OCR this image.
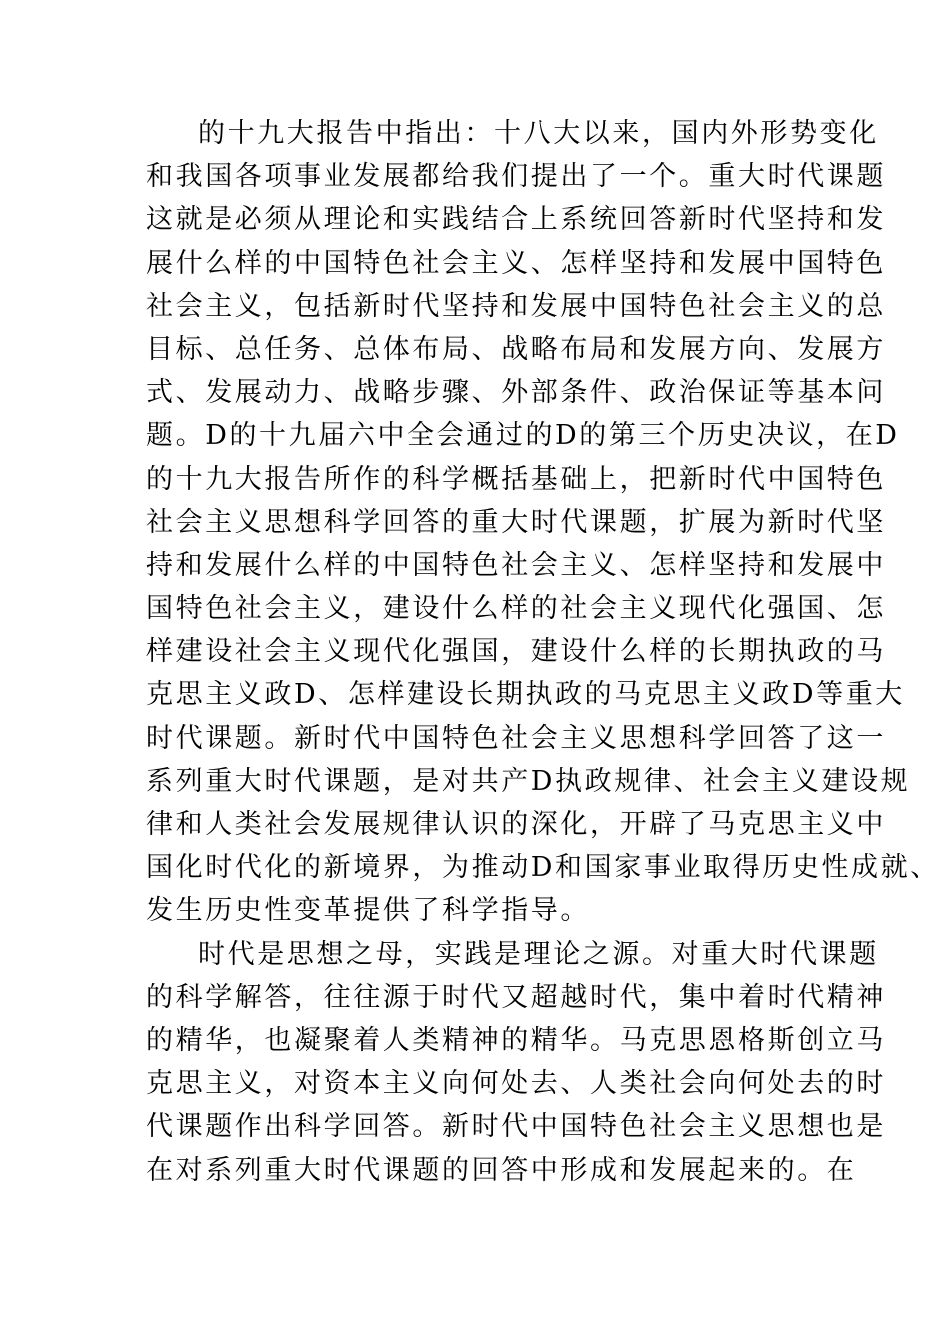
的十九大报告中指出：十八大以来，国内外形势变化
和我国各项事业发展都给我们提出了一个。重大时代课题
这就是必须从理论和实践结合上系统回答新时代坚持和发
展什么样的中国特色社会主义、怎样坚持和发展中国特色
社会主义，包括新时代坚持和发展中国特色社会主义的总
目标、总任务、总体布局、战略布局和发展方向、发展方
式、发展动力、战略步骤、外部条件、政治保证等基本问
题。D的十九届六中全会通过的D的第三个历史决议，在D
的十九大报告所作的科学概括基础上，把新时代中国特色
社会主义思想科学回答的重大时代课题，扩展为新时代坚
持和发展什么样的中国特色社会主义、怎样坚持和发展中
国特色社会主义，建设什么样的社会主义现代化强国、怎
样建设社会主义现代化强国，建设什么样的长期执政的马
克思主义政D、怎样建设长期执政的马克思主义政D等重大
时代课题。新时代中国特色社会主义思想科学回答了这一
系列重大时代课题，是对共产D执政规律、社会主义建设规
律和人类社会发展规律认识的深化，开辟了马克思主义中
国化时代化的新境界，为推动D和国家事业取得历史性成就、
发生历史性变革提供了科学指导。

时代是思想之母，实践是理论之源。对重大时代课题
的科学解答，往往源于时代又超越时代，集中着时代精神
的精华，也凝聚着人类精神的精华。马克思恩格斯创立马
克思主义，对资本主义向何处去、人类社会向何处去的时
代课题作出科学回答。新时代中国特色社会主义思想也是
在对系列重大时代课题的回答中形成和发展起来的。在
